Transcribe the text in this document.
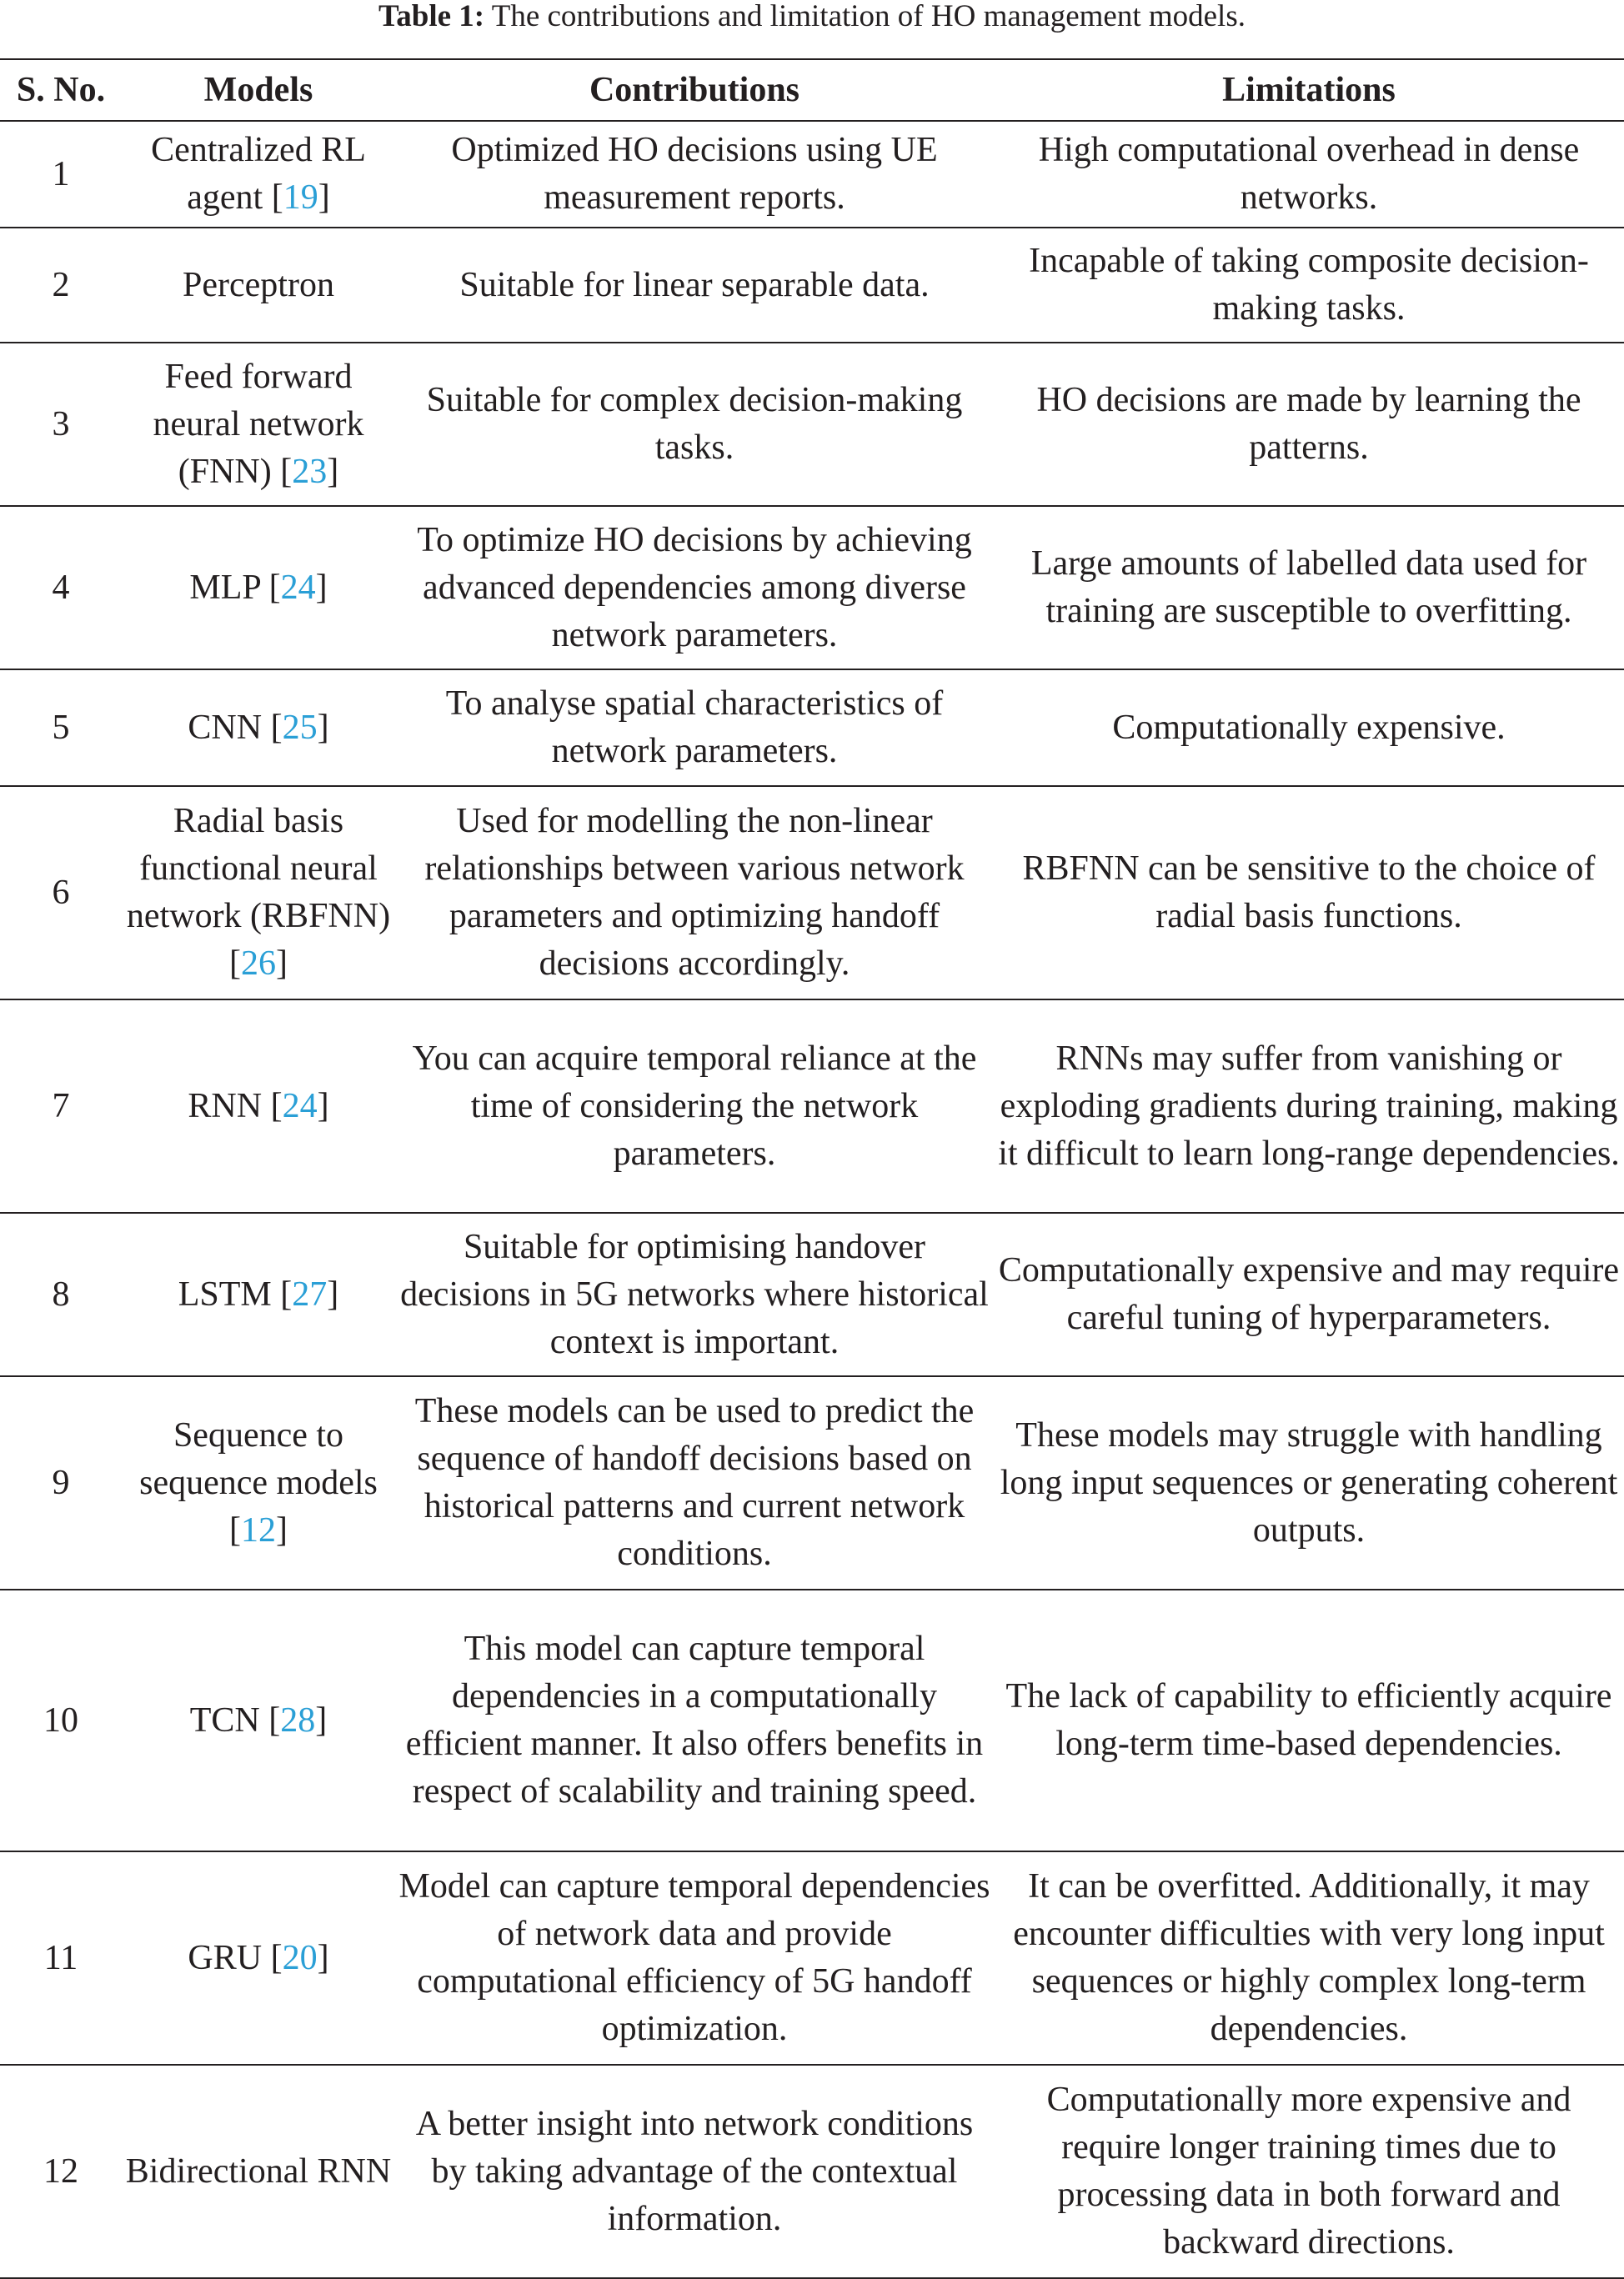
Table 1: The contributions and limitation of HO management models.
S. No.	Models	Contributions	Limitations
1	Centralized RL agent [19]	Optimized HO decisions using UE measurement reports.	High computational overhead in dense networks.
2	Perceptron	Suitable for linear separable data.	Incapable of taking composite decision-making tasks.
3	Feed forward neural network (FNN) [23]	Suitable for complex decision-making tasks.	HO decisions are made by learning the patterns.
4	MLP [24]	To optimize HO decisions by achieving advanced dependencies among diverse network parameters.	Large amounts of labelled data used for training are susceptible to overfitting.
5	CNN [25]	To analyse spatial characteristics of network parameters.	Computationally expensive.
6	Radial basis functional neural network (RBFNN) [26]	Used for modelling the non-linear relationships between various network parameters and optimizing handoff decisions accordingly.	RBFNN can be sensitive to the choice of radial basis functions.
7	RNN [24]	You can acquire temporal reliance at the time of considering the network parameters.	RNNs may suffer from vanishing or exploding gradients during training, making it difficult to learn long-range dependencies.
8	LSTM [27]	Suitable for optimising handover decisions in 5G networks where historical context is important.	Computationally expensive and may require careful tuning of hyperparameters.
9	Sequence to sequence models [12]	These models can be used to predict the sequence of handoff decisions based on historical patterns and current network conditions.	These models may struggle with handling long input sequences or generating coherent outputs.
10	TCN [28]	This model can capture temporal dependencies in a computationally efficient manner. It also offers benefits in respect of scalability and training speed.	The lack of capability to efficiently acquire long-term time-based dependencies.
11	GRU [20]	Model can capture temporal dependencies of network data and provide computational efficiency of 5G handoff optimization.	It can be overfitted. Additionally, it may encounter difficulties with very long input sequences or highly complex long-term dependencies.
12	Bidirectional RNN	A better insight into network conditions by taking advantage of the contextual information.	Computationally more expensive and require longer training times due to processing data in both forward and backward directions.
